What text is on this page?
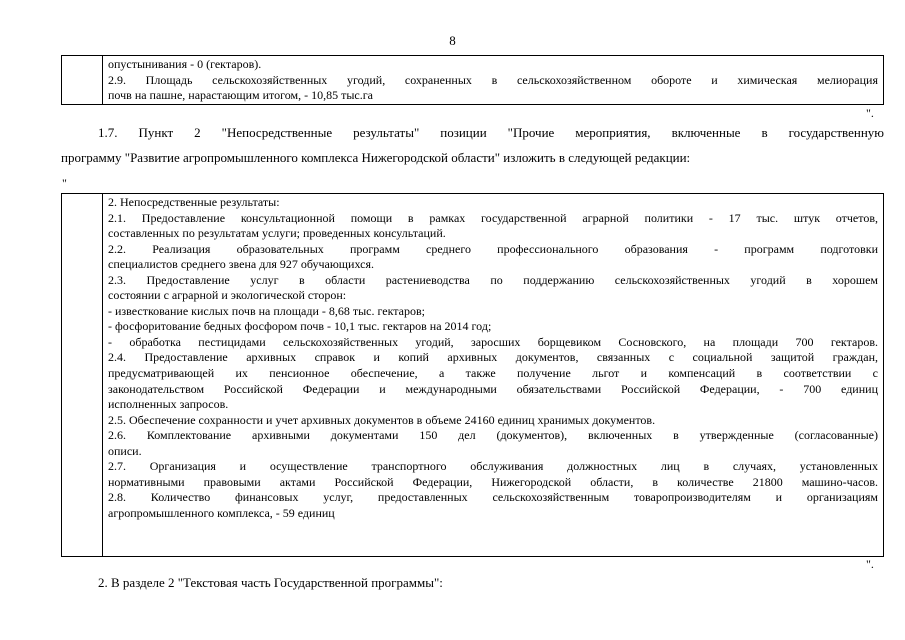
8
опустынивания - 0 (гектаров).
2.9. Площадь сельскохозяйственных угодий, сохраненных в сельскохозяйственном обороте и химическая мелиорация
почв на пашне, нарастающим итогом, - 10,85 тыс.га
".
1.7. Пункт 2 "Непосредственные результаты" позиции "Прочие мероприятия, включенные в государственную
программу "Развитие агропромышленного комплекса Нижегородской области" изложить в следующей редакции:
"
2. Непосредственные результаты:
2.1. Предоставление консультационной помощи в рамках государственной аграрной политики - 17 тыс. штук отчетов,
составленных по результатам услуги; проведенных консультаций.
2.2. Реализация образовательных программ среднего профессионального образования - программ подготовки
специалистов среднего звена для 927 обучающихся.
2.3. Предоставление услуг в области растениеводства по поддержанию сельскохозяйственных угодий в хорошем
состоянии с аграрной и экологической сторон:
- известкование кислых почв на площади - 8,68 тыс. гектаров;
- фосфоритование бедных фосфором почв - 10,1 тыс. гектаров на 2014 год;
- обработка пестицидами сельскохозяйственных угодий, заросших борщевиком Сосновского, на площади 700 гектаров.
2.4. Предоставление архивных справок и копий архивных документов, связанных с социальной защитой граждан,
предусматривающей их пенсионное обеспечение, а также получение льгот и компенсаций в соответствии с
законодательством Российской Федерации и международными обязательствами Российской Федерации, - 700 единиц
исполненных запросов.
2.5. Обеспечение сохранности и учет архивных документов в объеме 24160 единиц хранимых документов.
2.6. Комплектование архивными документами 150 дел (документов), включенных в утвержденные (согласованные)
описи.
2.7. Организация и осуществление транспортного обслуживания должностных лиц в случаях, установленных
нормативными правовыми актами Российской Федерации, Нижегородской области, в количестве 21800 машино-часов.
2.8. Количество финансовых услуг, предоставленных сельскохозяйственным товаропроизводителям и организациям
агропромышленного комплекса, - 59 единиц
".
2. В разделе 2 "Текстовая часть Государственной программы":
